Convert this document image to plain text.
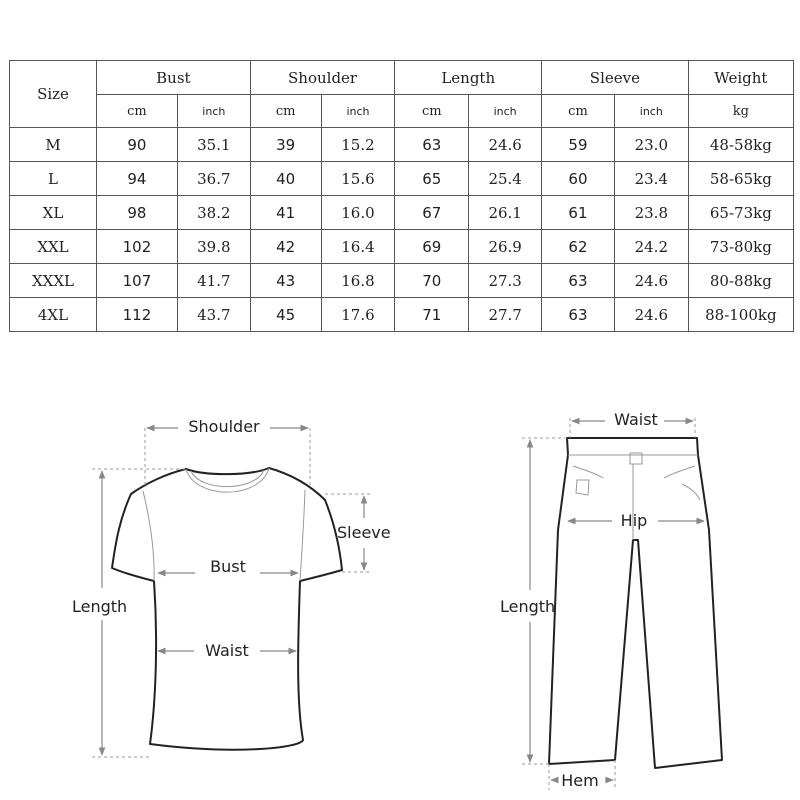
Size	Bust		Shoulder		Length		Sleeve		Weight
	cm	inch	cm	inch	cm	inch	cm	inch	kg
M	90	35.1	39	15.2	63	24.6	59	23.0	48-58kg
L	94	36.7	40	15.6	65	25.4	60	23.4	58-65kg
XL	98	38.2	41	16.0	67	26.1	61	23.8	65-73kg
XXL	102	39.8	42	16.4	69	26.9	62	24.2	73-80kg
XXXL	107	41.7	43	16.8	70	27.3	63	24.6	80-88kg
4XL	112	43.7	45	17.6	71	27.7	63	24.6	88-100kg
Shoulder
Sleeve
Bust
Waist
Length
Waist
Hip
Length
Hem
